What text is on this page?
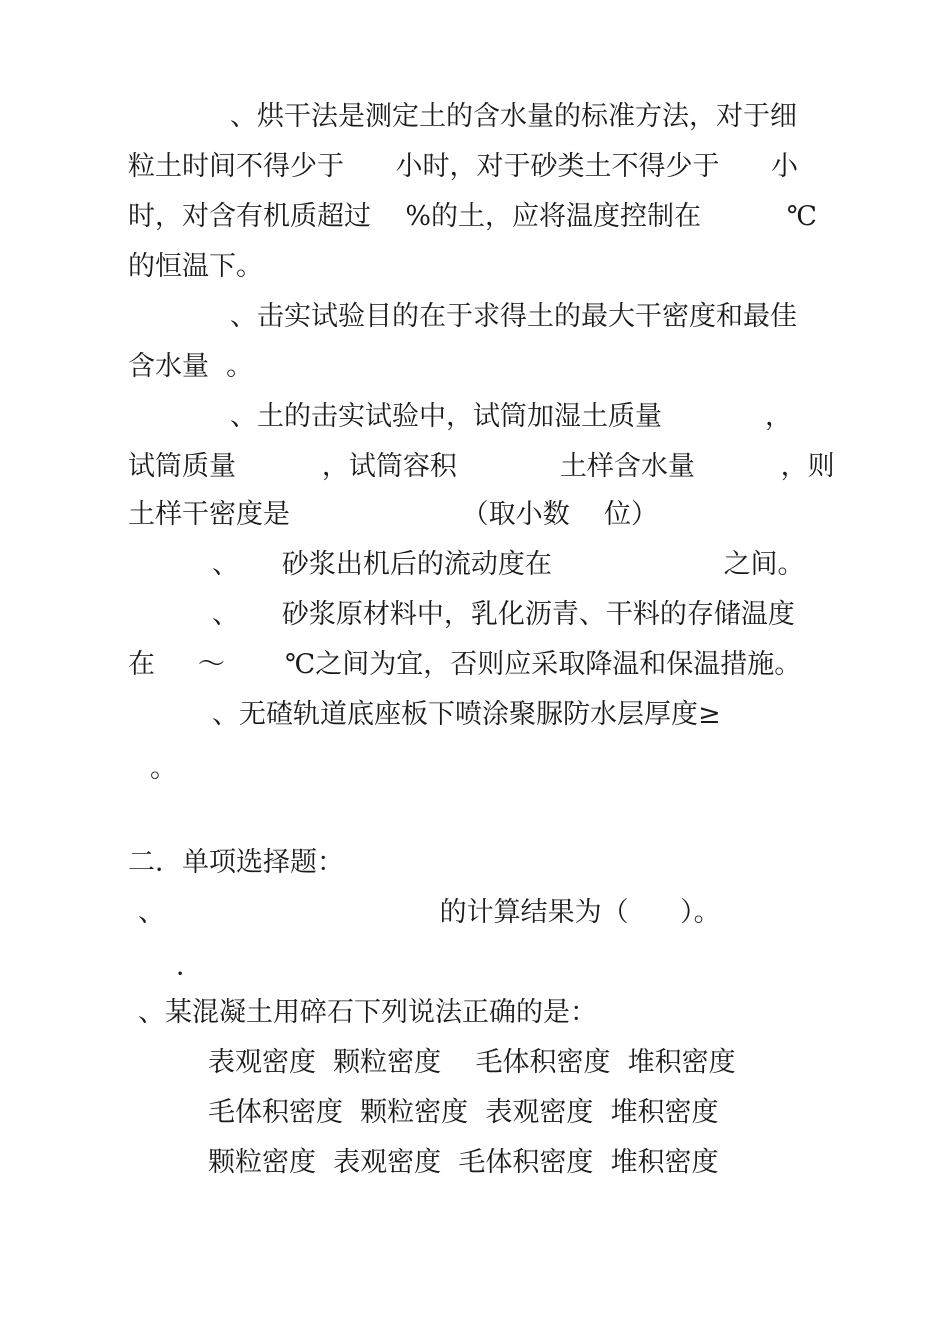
、烘干法是测定土的含水量的标准方法，对于细

粒土时间不得少于      小时，对于砂类土不得少于      小

时，对含有机质超过    %的土，应将温度控制在          ℃

的恒温下。

、击实试验目的在于求得土的最大干密度和最佳

含水量  。

、土的击实试验中，试筒加湿土质量            ，

试筒质量          ，试筒容积            土样含水量          ，则

土样干密度是                    （取小数    位）

、     砂浆出机后的流动度在                    之间。

、     砂浆原材料中，乳化沥青、干料的存储温度

在     ～       ℃之间为宜，否则应采取降温和保温措施。

、无碴轨道底座板下喷涂聚脲防水层厚度≥

。

二．单项选择题：

、                                的计算结果为（      ）。

．

、某混凝土用碎石下列说法正确的是：

表观密度  颗粒密度    毛体积密度  堆积密度

毛体积密度  颗粒密度  表观密度  堆积密度

颗粒密度  表观密度  毛体积密度  堆积密度
